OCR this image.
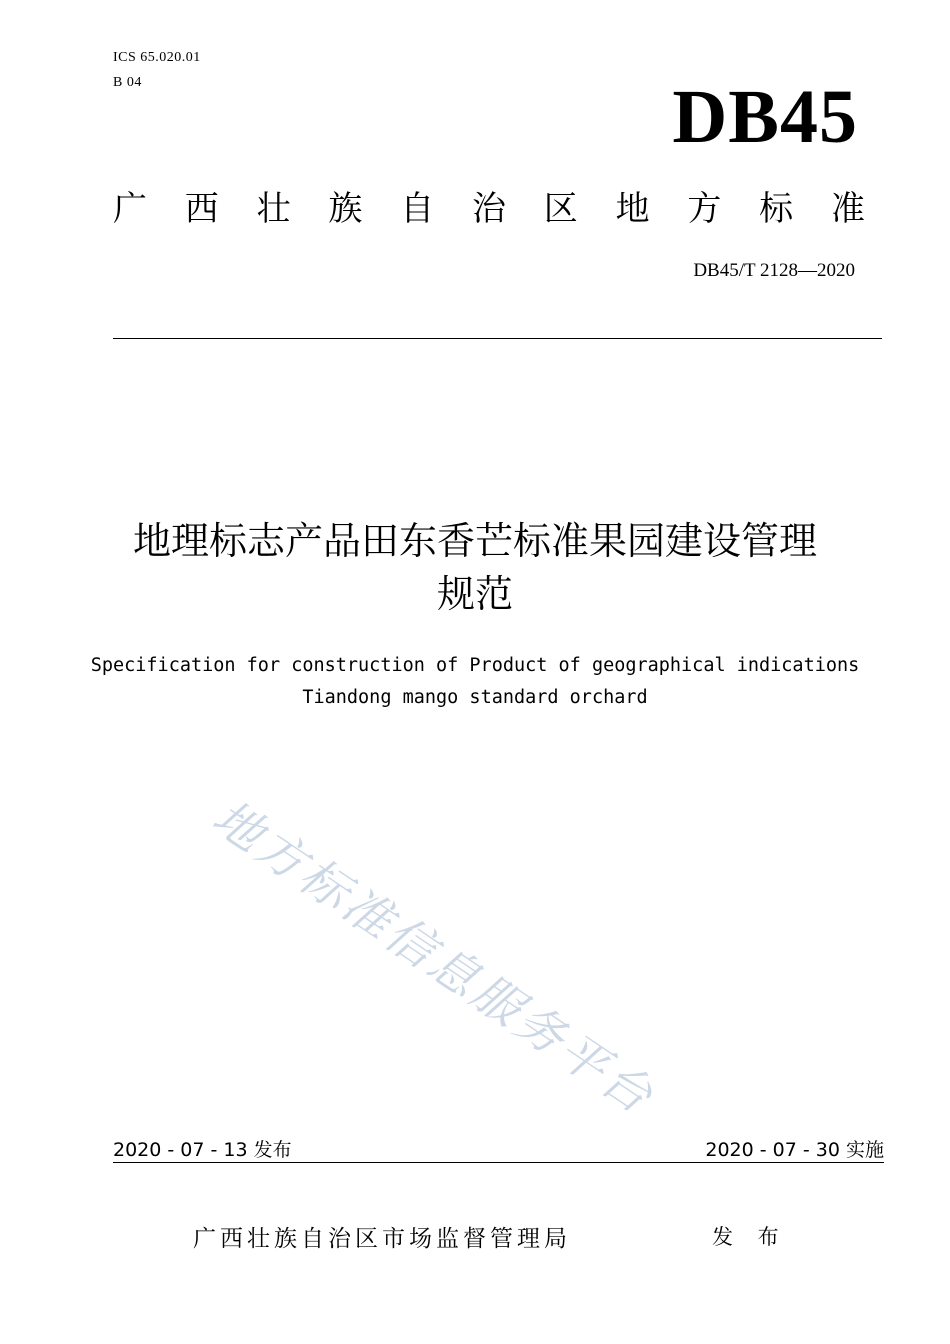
ICS 65.020.01
B 04	DB45
广 西 壮 族 自 治 区 地 方 标 准
DB45/T 2128—2020
地理标志产品田东香芒标准果园建设管理
规范
Specification for construction of Product of geographical indications
Tiandong mango standard orchard
地方标准信息服务平台
2020 - 07 - 13 发布	2020 - 07 - 30 实施
广西壮族自治区市场监督管理局	发 布
